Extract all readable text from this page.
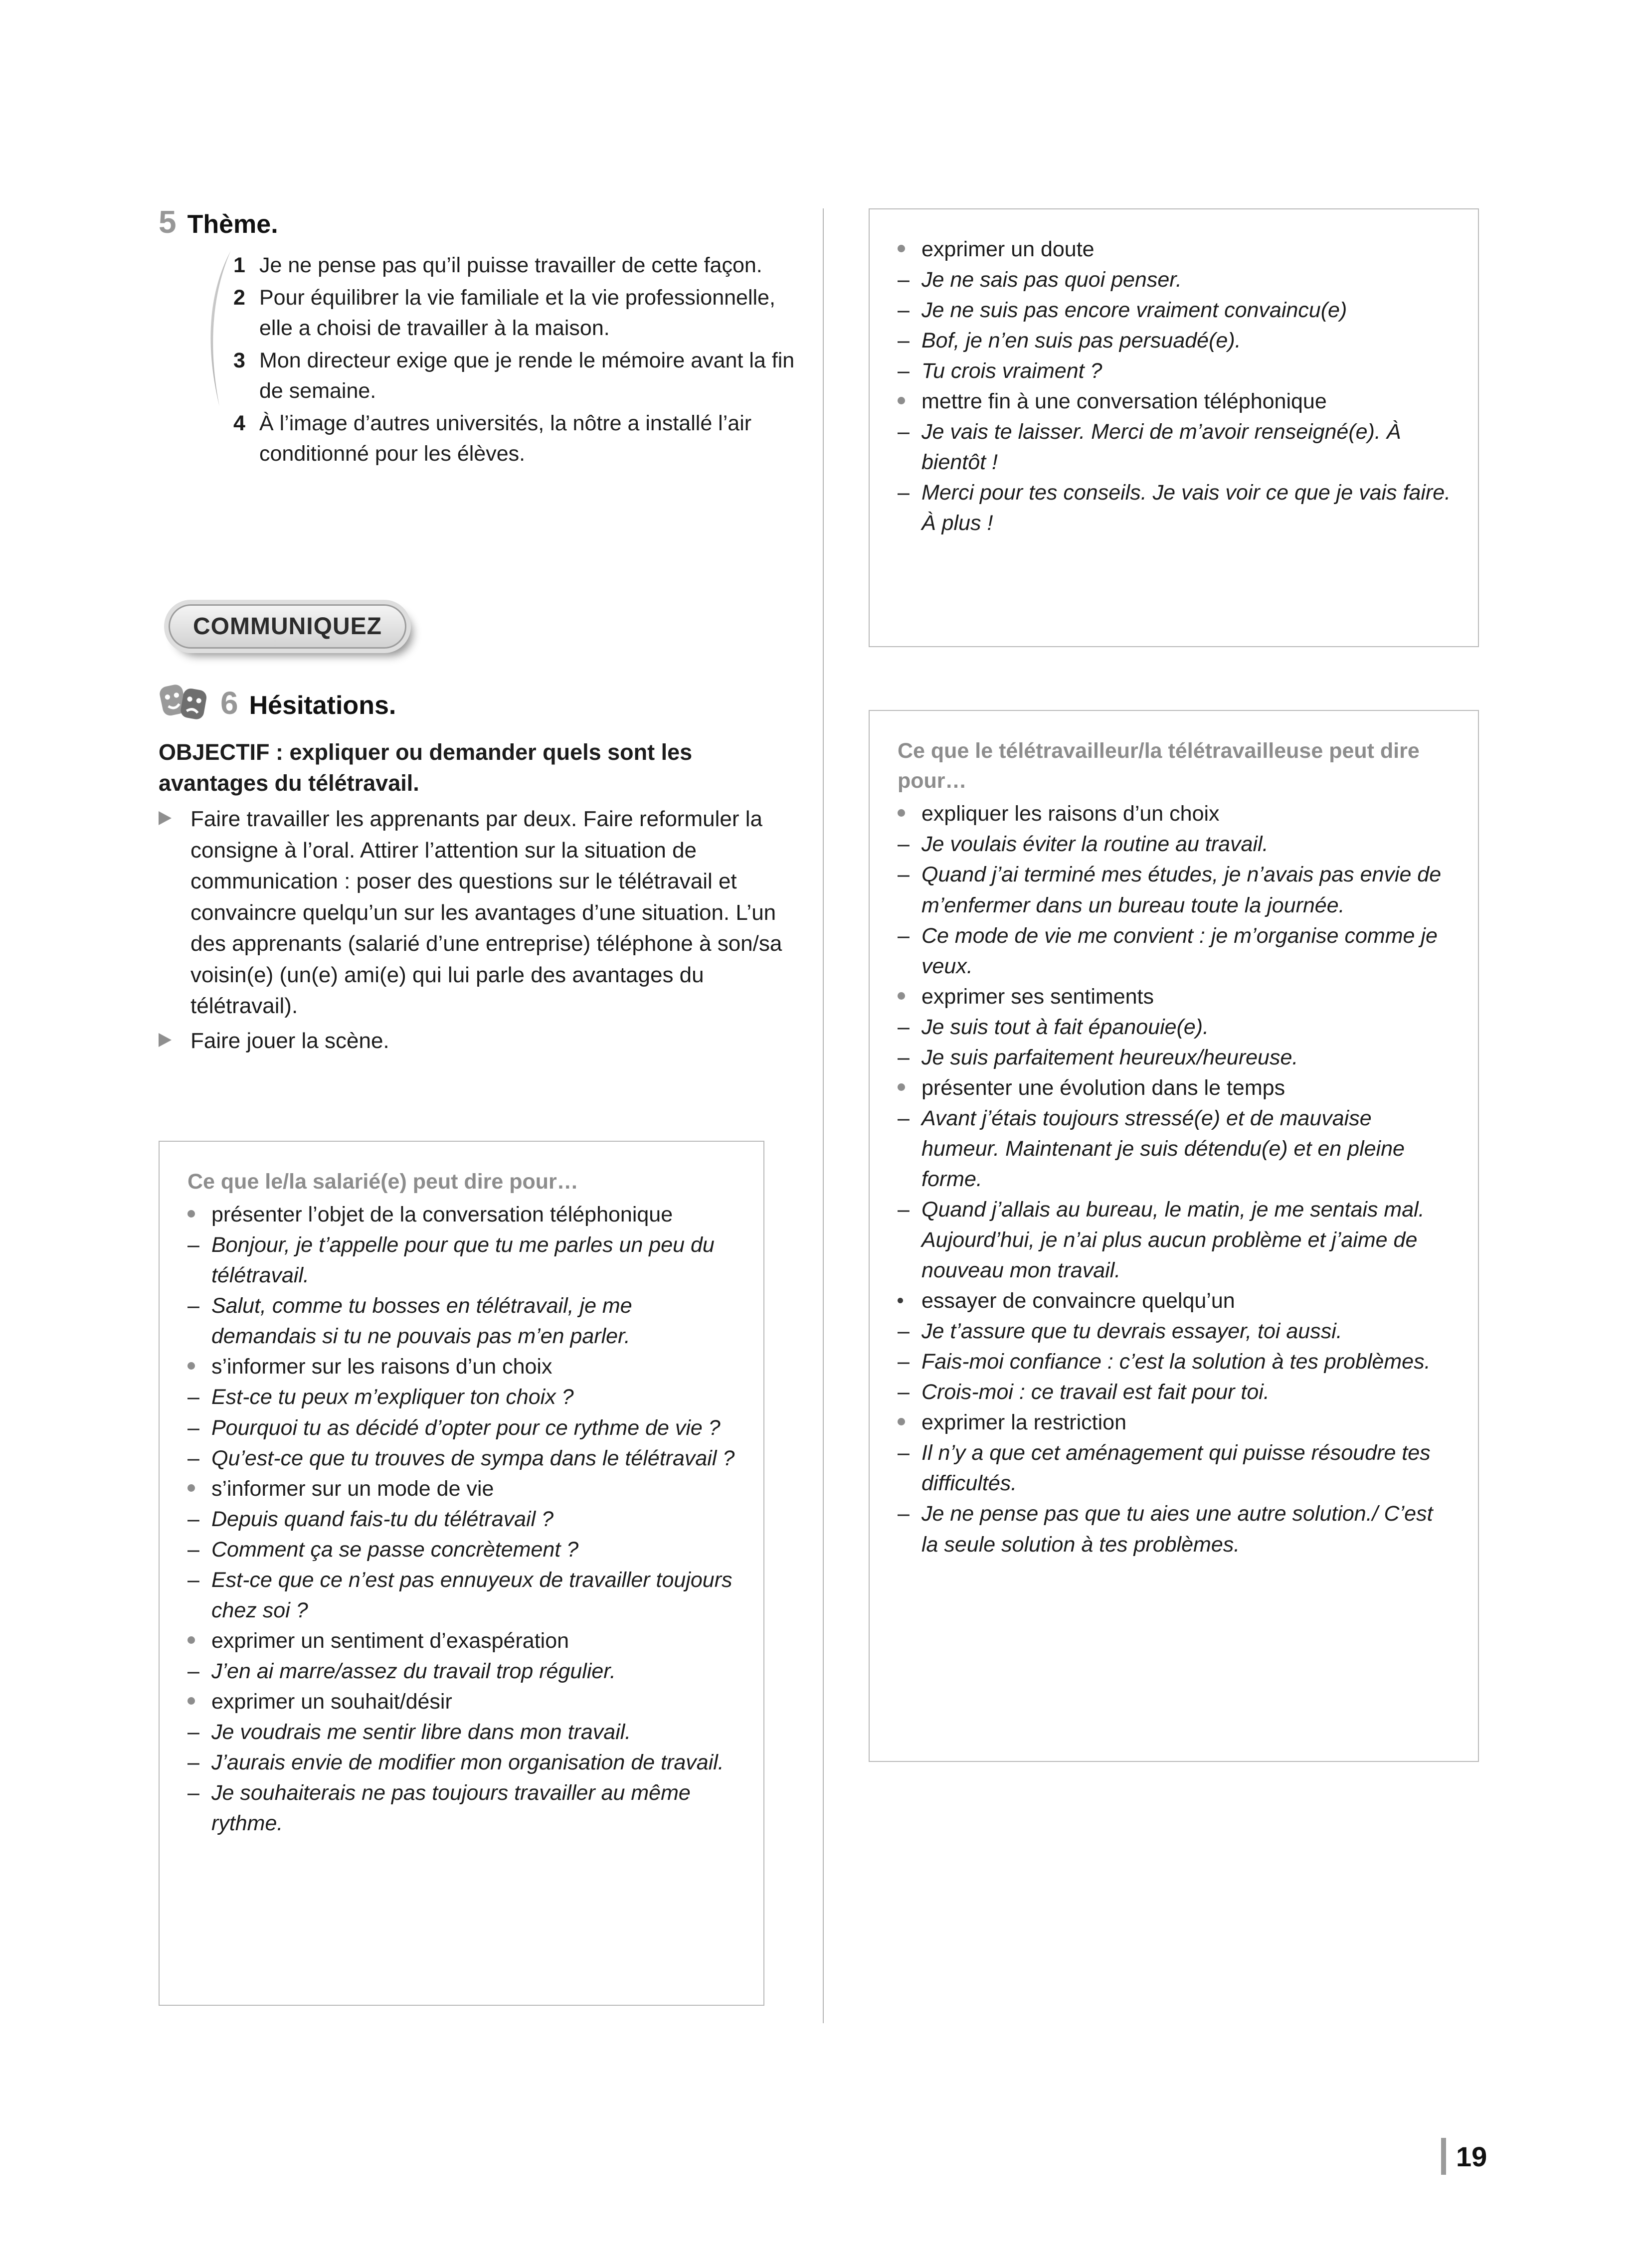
5 Thème.
1 Je ne pense pas qu’il puisse travailler de cette façon.
2 Pour équilibrer la vie familiale et la vie professionnelle, elle a choisi de travailler à la maison.
3 Mon directeur exige que je rende le mémoire avant la fin de semaine.
4 À l’image d’autres universités, la nôtre a installé l’air conditionné pour les élèves.
COMMUNIQUEZ
6 Hésitations.

OBJECTIF : expliquer ou demander quels sont les avantages du télétravail.

Faire travailler les apprenants par deux. Faire reformuler la consigne à l’oral. Attirer l’attention sur la situation de communication : poser des questions sur le télétravail et convaincre quelqu’un sur les avantages d’une situation. L’un des apprenants (salarié d’une entreprise) téléphone à son/sa voisin(e) (un(e) ami(e) qui lui parle des avantages du télétravail).
Faire jouer la scène.
Ce que le/la salarié(e) peut dire pour…
présenter l’objet de la conversation téléphonique
– Bonjour, je t’appelle pour que tu me parles un peu du télétravail.
– Salut, comme tu bosses en télétravail, je me demandais si tu ne pouvais pas m’en parler.
s’informer sur les raisons d’un choix
– Est-ce tu peux m’expliquer ton choix ?
– Pourquoi tu as décidé d’opter pour ce rythme de vie ?
– Qu’est-ce que tu trouves de sympa dans le télétravail ?
s’informer sur un mode de vie
– Depuis quand fais-tu du télétravail ?
– Comment ça se passe concrètement ?
– Est-ce que ce n’est pas ennuyeux de travailler toujours chez soi ?
exprimer un sentiment d’exaspération
– J’en ai marre/assez du travail trop régulier.
exprimer un souhait/désir
– Je voudrais me sentir libre dans mon travail.
– J’aurais envie de modifier mon organisation de travail.
– Je souhaiterais ne pas toujours travailler au même rythme.
exprimer un doute
– Je ne sais pas quoi penser.
– Je ne suis pas encore vraiment convaincu(e)
– Bof, je n’en suis pas persuadé(e).
– Tu crois vraiment ?
mettre fin à une conversation téléphonique
– Je vais te laisser. Merci de m’avoir renseigné(e). À bientôt !
– Merci pour tes conseils. Je vais voir ce que je vais faire. À plus !
Ce que le télétravailleur/la télétravailleuse peut dire pour…
expliquer les raisons d’un choix
– Je voulais éviter la routine au travail.
– Quand j’ai terminé mes études, je n’avais pas envie de m’enfermer dans un bureau toute la journée.
– Ce mode de vie me convient : je m’organise comme je veux.
exprimer ses sentiments
– Je suis tout à fait épanouie(e).
– Je suis parfaitement heureux/heureuse.
présenter une évolution dans le temps
– Avant j’étais toujours stressé(e) et de mauvaise humeur. Maintenant je suis détendu(e) et en pleine forme.
– Quand j’allais au bureau, le matin, je me sentais mal. Aujourd’hui, je n’ai plus aucun problème et j’aime de nouveau mon travail.
essayer de convaincre quelqu’un
– Je t’assure que tu devrais essayer, toi aussi.
– Fais-moi confiance : c’est la solution à tes problèmes.
– Crois-moi : ce travail est fait pour toi.
exprimer la restriction
– Il n’y a que cet aménagement qui puisse résoudre tes difficultés.
– Je ne pense pas que tu aies une autre solution./ C’est la seule solution à tes problèmes.
19
